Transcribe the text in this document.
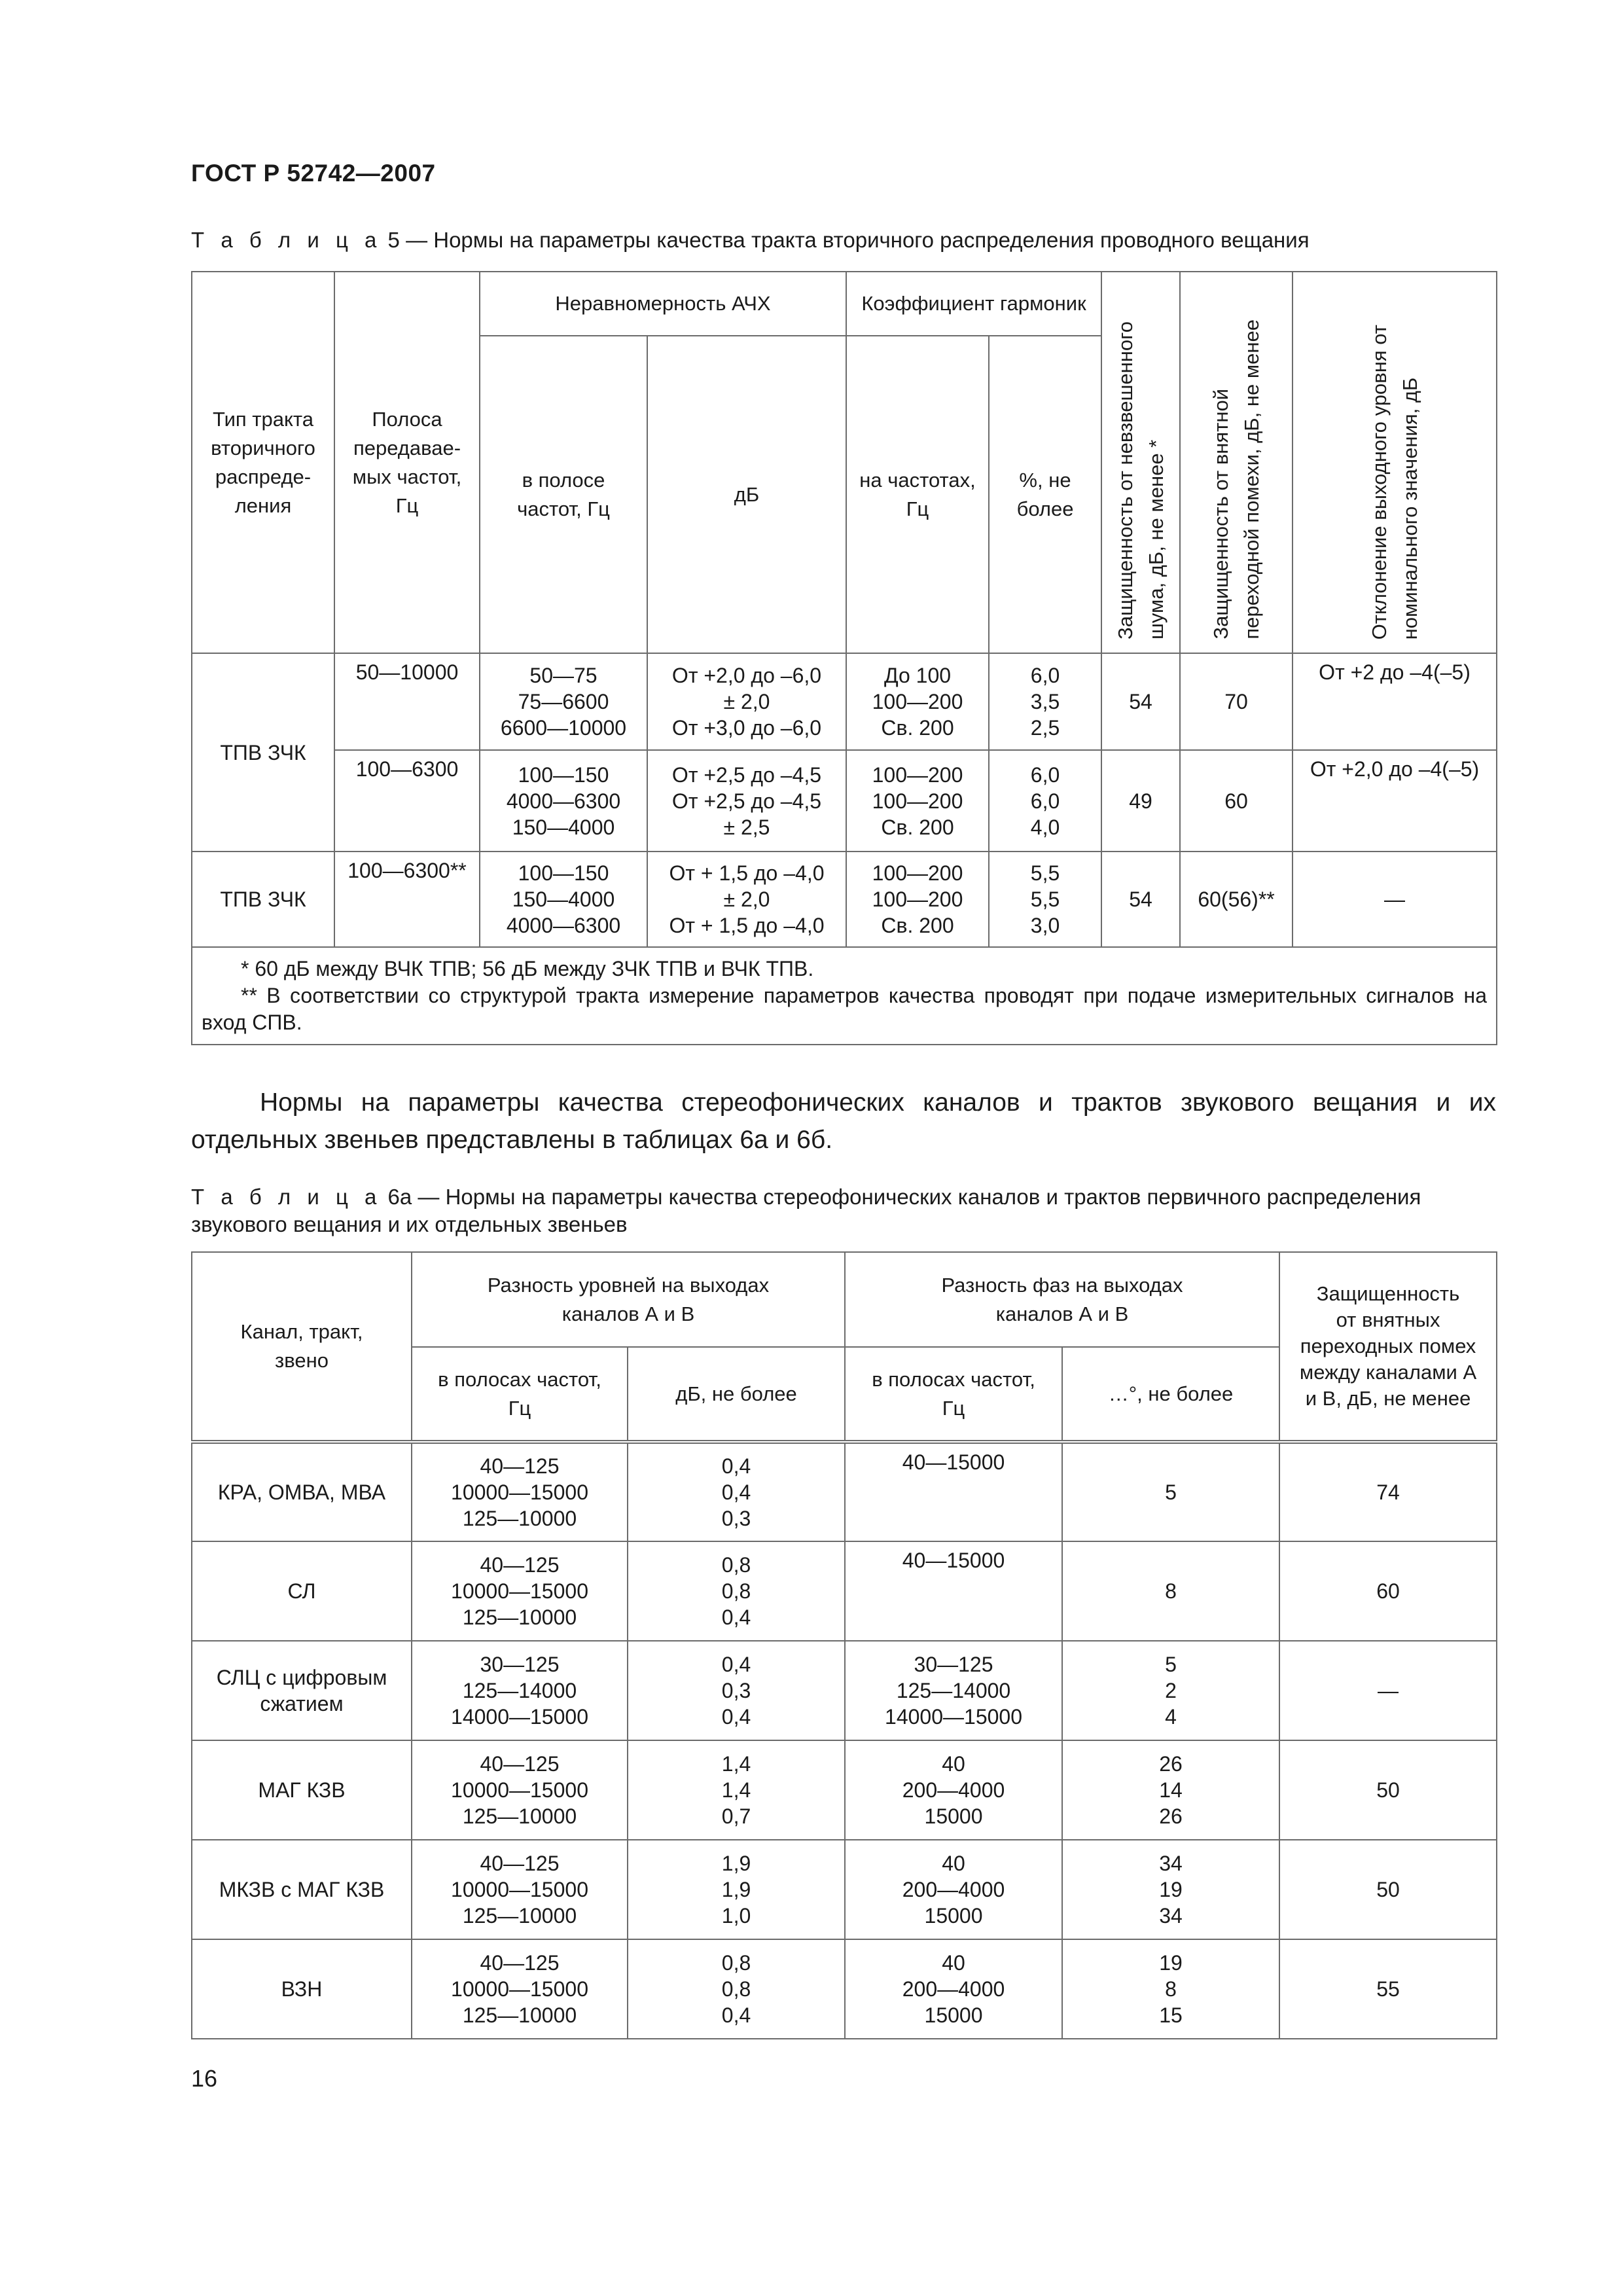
ГОСТ Р 52742—2007
Т а б л и ц а 5 — Нормы на параметры качества тракта вторичного распределения проводного вещания
Тип тракта
вторичного
распреде-
ления	Полоса
передавае-
мых частот,
Гц	Неравномерность АЧХ		Коэффициент гармоник		Защищенность от невзвешенного
шума, дБ, не менее *	Защищенность от внятной
переходной помехи, дБ, не менее	Отклонение выходного уровня от
номинального значения, дБ
		в полосе
частот, Гц	дБ	на частотах,
Гц	%, не
более			
ТПВ ЗЧК	50—10000	50—75
75—6600
6600—10000	От +2,0 до –6,0
± 2,0
От +3,0 до –6,0	До 100
100—200
Св. 200	6,0
3,5
2,5	54	70	От +2 до –4(–5)
	100—6300	100—150
4000—6300
150—4000	От +2,5 до –4,5
От +2,5 до –4,5
± 2,5	100—200
100—200
Св. 200	6,0
6,0
4,0	49	60	От +2,0 до –4(–5)
ТПВ ЗЧК	100—6300**	100—150
150—4000
4000—6300	От + 1,5 до –4,0
± 2,0
От + 1,5 до –4,0	100—200
100—200
Св. 200	5,5
5,5
3,0	54	60(56)**	—

* 60 дБ между ВЧК ТПВ; 56 дБ между ЗЧК ТПВ и ВЧК ТПВ.
** В соответствии со структурой тракта измерение параметров качества проводят при подаче измерительных сигналов на вход СПВ.								
Нормы на параметры качества стереофонических каналов и трактов звукового вещания и их отдельных звеньев представлены в таблицах 6а и 6б.
Т а б л и ц а 6а — Нормы на параметры качества стереофонических каналов и трактов первичного распределения звукового вещания и их отдельных звеньев
Канал, тракт,
звено	Разность уровней на выходах
каналов А и В		Разность фаз на выходах
каналов А и В		Защищенность
от внятных
переходных помех
между каналами А
и В, дБ, не менее
	в полосах частот,
Гц	дБ, не более	в полосах частот,
Гц	…°, не более	
КРА, ОМВА, МВА	40—125
10000—15000
125—10000	0,4
0,4
0,3	40—15000	5	74
СЛ	40—125
10000—15000
125—10000	0,8
0,8
0,4	40—15000	8	60
СЛЦ с цифровым
сжатием	30—125
125—14000
14000—15000	0,4
0,3
0,4	30—125
125—14000
14000—15000	5
2
4	—
МАГ КЗВ	40—125
10000—15000
125—10000	1,4
1,4
0,7	40
200—4000
15000	26
14
26	50
МКЗВ с МАГ КЗВ	40—125
10000—15000
125—10000	1,9
1,9
1,0	40
200—4000
15000	34
19
34	50
ВЗН	40—125
10000—15000
125—10000	0,8
0,8
0,4	40
200—4000
15000	19
8
15	55
16
